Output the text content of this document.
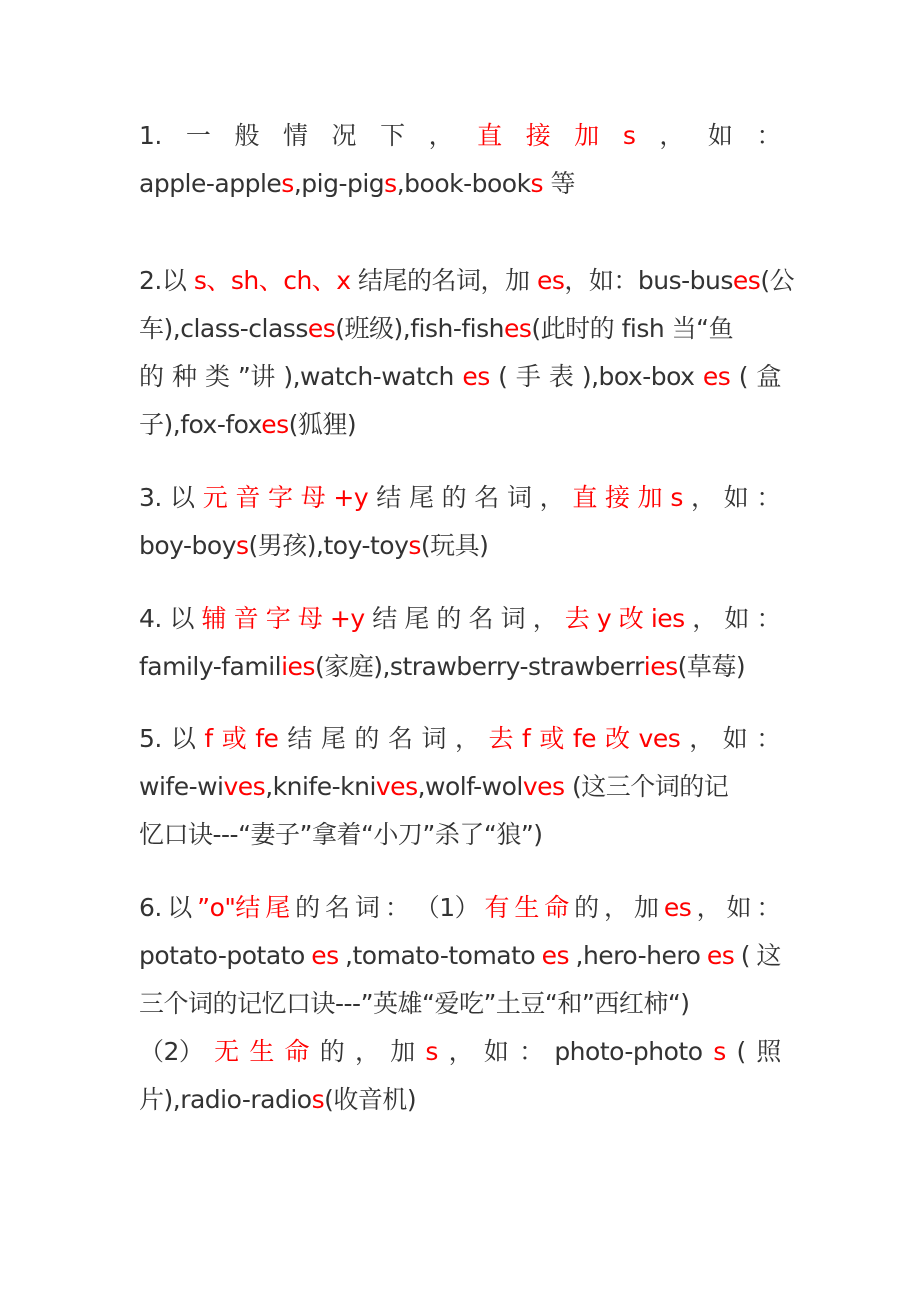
1. 一 般 情 况 下 ， 直 接 加 s ， 如 ：
apple-apples,pig-pigs,book-books 等
2.以 s、sh、ch、x 结尾的名词，加 es，如：bus-buses(公
车),class-classes(班级),fish-fishes(此时的 fish 当“鱼
的 种 类 ”讲 ),watch-watch es ( 手 表 ),box-box es ( 盒
子),fox-foxes(狐狸)
3. 以 元 音 字 母 +y 结 尾 的 名 词 ， 直 接 加 s ， 如 ：
boy-boys(男孩),toy-toys(玩具)
4. 以 辅 音 字 母 +y 结 尾 的 名 词 ， 去 y 改 ies ， 如 ：
family-families(家庭),strawberry-strawberries(草莓)
5. 以 f 或 fe 结 尾 的 名 词 ， 去 f 或 fe 改 ves ， 如 ：
wife-wives,knife-knives,wolf-wolves (这三个词的记
忆口诀---“妻子”拿着“小刀”杀了“狼”)
6. 以 ”o"结 尾 的 名 词 ： （1） 有 生 命 的 ， 加 es ， 如 ：
potato-potato es ,tomato-tomato es ,hero-hero es ( 这
三个词的记忆口诀---”英雄“爱吃”土豆“和”西红柿“)
（2） 无 生 命 的 ， 加 s ， 如 ： photo-photo s ( 照
片),radio-radios(收音机)
